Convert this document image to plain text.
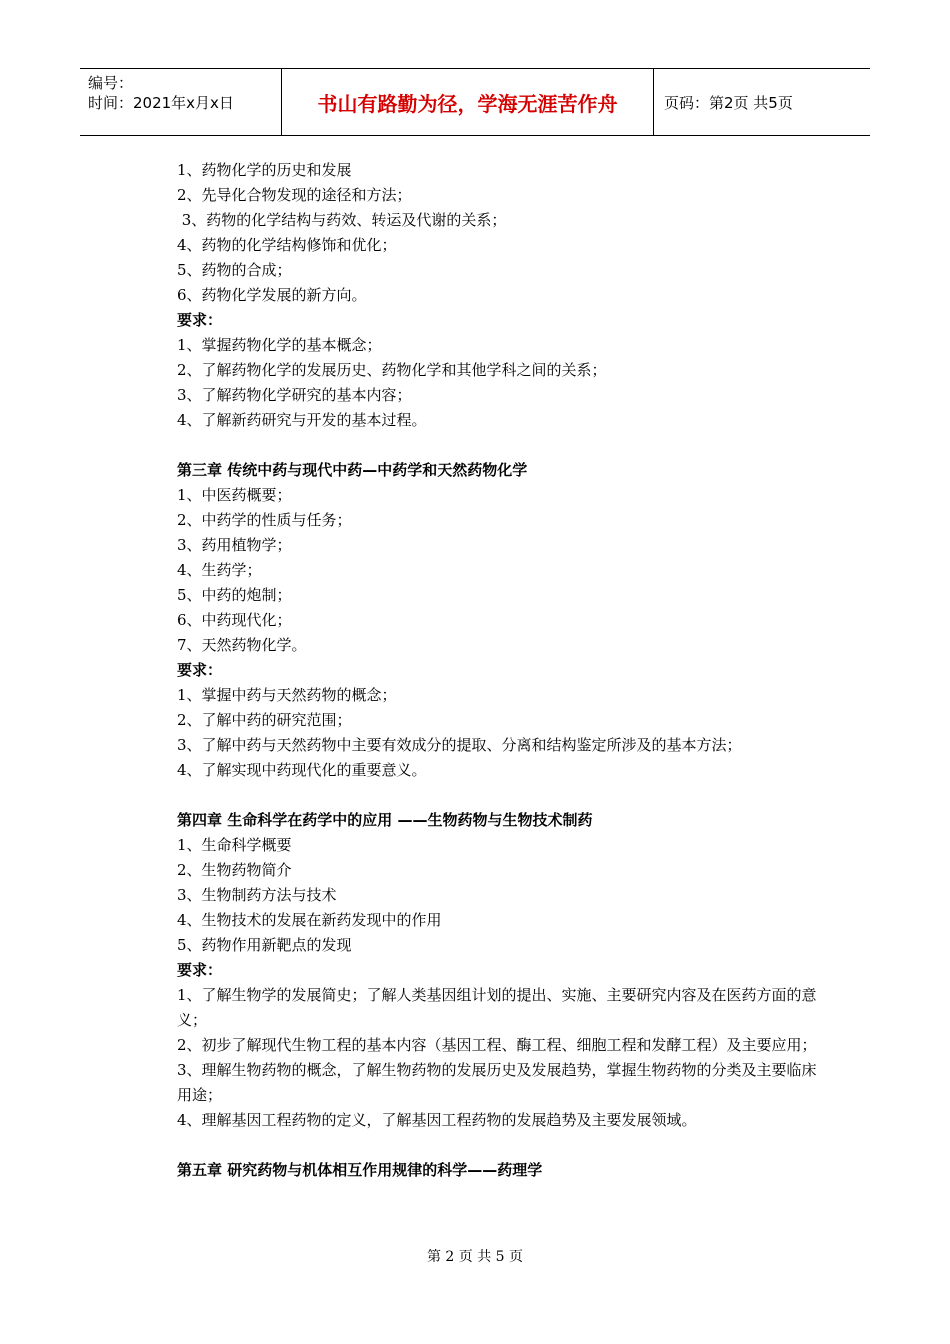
编号：
时间：2021年x月x日	书山有路勤为径，学海无涯苦作舟	页码：第2页 共5页
1、药物化学的历史和发展
2、先导化合物发现的途径和方法；
3、药物的化学结构与药效、转运及代谢的关系；
4、药物的化学结构修饰和优化；
5、药物的合成；
6、药物化学发展的新方向。
要求：
1、掌握药物化学的基本概念；
2、了解药物化学的发展历史、药物化学和其他学科之间的关系；
3、了解药物化学研究的基本内容；
4、了解新药研究与开发的基本过程。
第三章 传统中药与现代中药—中药学和天然药物化学
1、中医药概要；
2、中药学的性质与任务；
3、药用植物学；
4、生药学；
5、中药的炮制；
6、中药现代化；
7、天然药物化学。
要求：
1、掌握中药与天然药物的概念；
2、了解中药的研究范围；
3、了解中药与天然药物中主要有效成分的提取、分离和结构鉴定所涉及的基本方法；
4、了解实现中药现代化的重要意义。
第四章 生命科学在药学中的应用 ——生物药物与生物技术制药
1、生命科学概要
2、生物药物简介
3、生物制药方法与技术
4、生物技术的发展在新药发现中的作用
5、药物作用新靶点的发现
要求：
1、了解生物学的发展简史；了解人类基因组计划的提出、实施、主要研究内容及在医药方面的意义；
2、初步了解现代生物工程的基本内容（基因工程、酶工程、细胞工程和发酵工程）及主要应用；
3、理解生物药物的概念，了解生物药物的发展历史及发展趋势，掌握生物药物的分类及主要临床用途；
4、理解基因工程药物的定义，了解基因工程药物的发展趋势及主要发展领域。
第五章 研究药物与机体相互作用规律的科学——药理学
第 2 页 共 5 页
